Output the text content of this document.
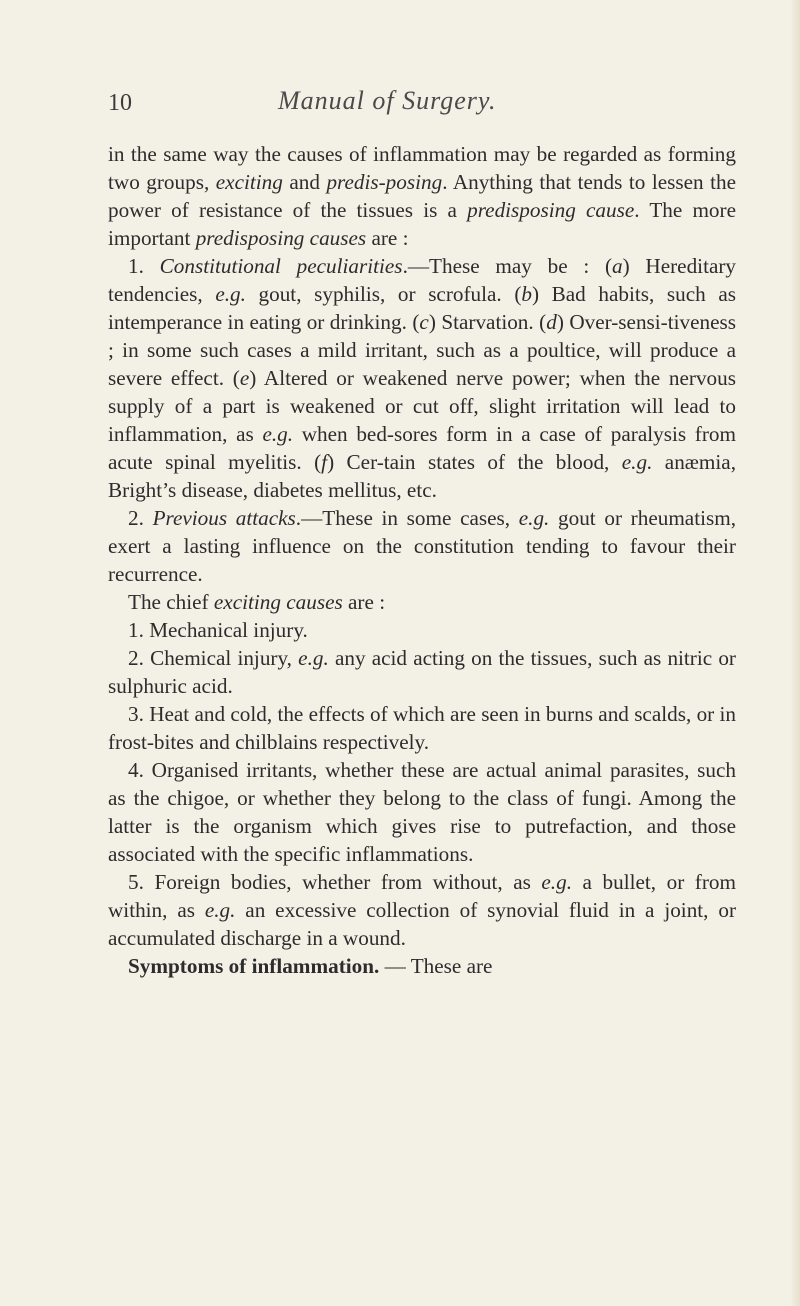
10	Manual of Surgery.

in the same way the causes of inflammation may be regarded as forming two groups, exciting and predis-posing. Anything that tends to lessen the power of resistance of the tissues is a predisposing cause. The more important predisposing causes are :

1. Constitutional peculiarities.—These may be : (a) Hereditary tendencies, e.g. gout, syphilis, or scrofula. (b) Bad habits, such as intemperance in eating or drinking. (c) Starvation. (d) Over-sensi-tiveness ; in some such cases a mild irritant, such as a poultice, will produce a severe effect. (e) Altered or weakened nerve power; when the nervous supply of a part is weakened or cut off, slight irritation will lead to inflammation, as e.g. when bed-sores form in a case of paralysis from acute spinal myelitis. (f) Cer-tain states of the blood, e.g. anæmia, Bright’s disease, diabetes mellitus, etc.

2. Previous attacks.—These in some cases, e.g. gout or rheumatism, exert a lasting influence on the constitution tending to favour their recurrence.

The chief exciting causes are :

1. Mechanical injury.

2. Chemical injury, e.g. any acid acting on the tissues, such as nitric or sulphuric acid.

3. Heat and cold, the effects of which are seen in burns and scalds, or in frost-bites and chilblains respectively.

4. Organised irritants, whether these are actual animal parasites, such as the chigoe, or whether they belong to the class of fungi. Among the latter is the organism which gives rise to putrefaction, and those associated with the specific inflammations.

5. Foreign bodies, whether from without, as e.g. a bullet, or from within, as e.g. an excessive collection of synovial fluid in a joint, or accumulated discharge in a wound.

Symptoms of inflammation. — These are
